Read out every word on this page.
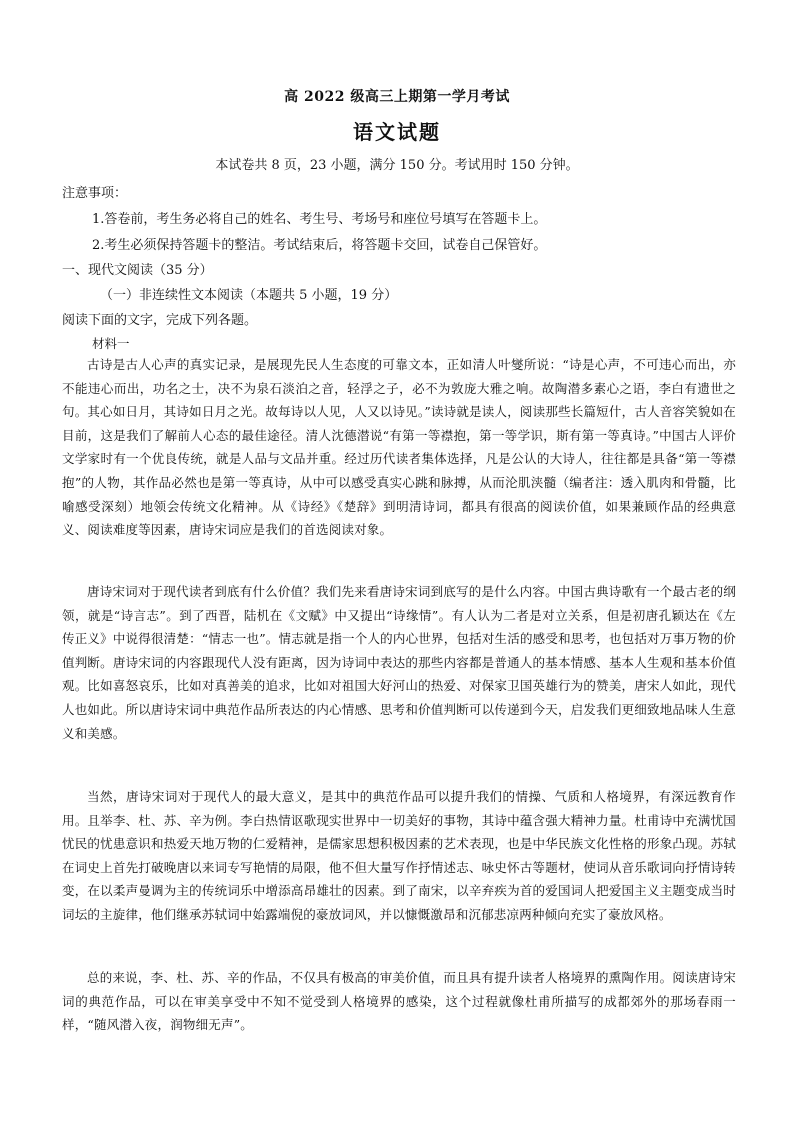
高 2022 级高三上期第一学月考试
语文试题
本试卷共 8 页，23 小题，满分 150 分。考试用时 150 分钟。
注意事项：
1.答卷前，考生务必将自己的姓名、考生号、考场号和座位号填写在答题卡上。
2.考生必须保持答题卡的整洁。考试结束后，将答题卡交回，试卷自己保管好。
一、现代文阅读（35 分）
（一）非连续性文本阅读（本题共 5 小题，19 分）
阅读下面的文字，完成下列各题。
材料一
古诗是古人心声的真实记录，是展现先民人生态度的可靠文本，正如清人叶燮所说：“诗是心声，不可违心而出，亦不能违心而出，功名之士，决不为泉石淡泊之音，轻浮之子，必不为敦庞大雅之响。故陶潜多素心之语，李白有遗世之句。其心如日月，其诗如日月之光。故每诗以人见，人又以诗见。”读诗就是读人，阅读那些长篇短什，古人音容笑貌如在目前，这是我们了解前人心态的最佳途径。清人沈德潜说“有第一等襟抱，第一等学识，斯有第一等真诗。”中国古人评价文学家时有一个优良传统，就是人品与文品并重。经过历代读者集体选择，凡是公认的大诗人，往往都是具备“第一等襟抱”的人物，其作品必然也是第一等真诗，从中可以感受真实心跳和脉搏，从而沦肌浃髓（编者注：透入肌肉和骨髓，比喻感受深刻）地领会传统文化精神。从《诗经》《楚辞》到明清诗词，都具有很高的阅读价值，如果兼顾作品的经典意义、阅读难度等因素，唐诗宋词应是我们的首选阅读对象。
唐诗宋词对于现代读者到底有什么价值？我们先来看唐诗宋词到底写的是什么内容。中国古典诗歌有一个最古老的纲领，就是“诗言志”。到了西晋，陆机在《文赋》中又提出“诗缘情”。有人认为二者是对立关系，但是初唐孔颖达在《左传正义》中说得很清楚：“情志一也”。情志就是指一个人的内心世界，包括对生活的感受和思考，也包括对万事万物的价值判断。唐诗宋词的内容跟现代人没有距离，因为诗词中表达的那些内容都是普通人的基本情感、基本人生观和基本价值观。比如喜怒哀乐，比如对真善美的追求，比如对祖国大好河山的热爱、对保家卫国英雄行为的赞美，唐宋人如此，现代人也如此。所以唐诗宋词中典范作品所表达的内心情感、思考和价值判断可以传递到今天，启发我们更细致地品味人生意义和美感。
当然，唐诗宋词对于现代人的最大意义，是其中的典范作品可以提升我们的情操、气质和人格境界，有深远教育作用。且举李、杜、苏、辛为例。李白热情讴歌现实世界中一切美好的事物，其诗中蕴含强大精神力量。杜甫诗中充满忧国忧民的忧患意识和热爱天地万物的仁爱精神，是儒家思想积极因素的艺术表现，也是中华民族文化性格的形象凸现。苏轼在词史上首先打破晚唐以来词专写艳情的局限，他不但大量写作抒情述志、咏史怀古等题材，使词从音乐歌词向抒情诗转变，在以柔声曼调为主的传统词乐中增添高昂雄壮的因素。到了南宋，以辛弃疾为首的爱国词人把爱国主义主题变成当时词坛的主旋律，他们继承苏轼词中始露端倪的豪放词风，并以慷慨激昂和沉郁悲凉两种倾向充实了豪放风格。
总的来说，李、杜、苏、辛的作品，不仅具有极高的审美价值，而且具有提升读者人格境界的熏陶作用。阅读唐诗宋词的典范作品，可以在审美享受中不知不觉受到人格境界的感染，这个过程就像杜甫所描写的成都郊外的那场春雨一样，“随风潜入夜，润物细无声”。
